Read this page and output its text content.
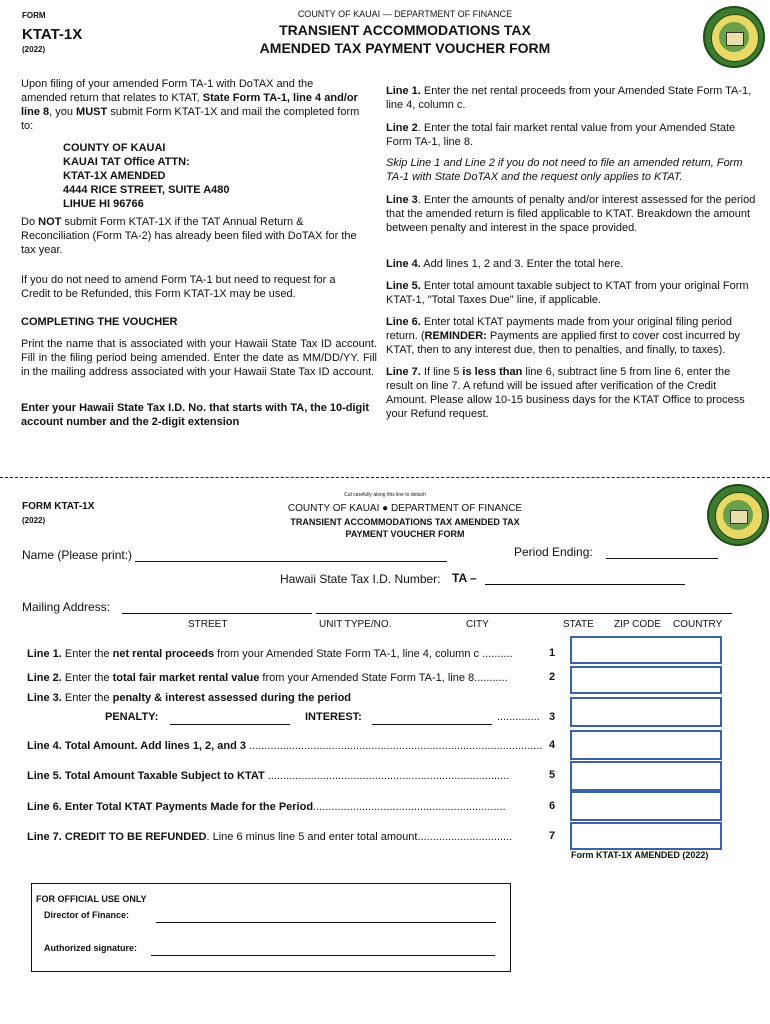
FORM
KTAT-1X
(2022)
COUNTY OF KAUAI — DEPARTMENT OF FINANCE
TRANSIENT ACCOMMODATIONS TAX
AMENDED TAX PAYMENT VOUCHER FORM
Upon filing of your amended Form TA-1 with DoTAX and the amended return that relates to KTAT, State Form TA-1, line 4 and/or line 8, you MUST submit Form KTAT-1X and mail the completed form to:
COUNTY OF KAUAI
KAUAI TAT Office ATTN:
KTAT-1X AMENDED
4444 RICE STREET, SUITE A480
LIHUE HI 96766
Do NOT submit Form KTAT-1X if the TAT Annual Return & Reconciliation (Form TA-2) has already been filed with DoTAX for the tax year.
If you do not need to amend Form TA-1 but need to request for a Credit to be Refunded, this Form KTAT-1X may be used.
COMPLETING THE VOUCHER
Print the name that is associated with your Hawaii State Tax ID account. Fill in the filing period being amended. Enter the date as MM/DD/YY. Fill in the mailing address associated with your Hawaii State Tax ID account.
Enter your Hawaii State Tax I.D. No. that starts with TA, the 10-digit account number and the 2-digit extension
Line 1. Enter the net rental proceeds from your Amended State Form TA-1, line 4, column c.
Line 2. Enter the total fair market rental value from your Amended State Form TA-1, line 8.
Skip Line 1 and Line 2 if you do not need to file an amended return, Form TA-1 with State DoTAX and the request only applies to KTAT.
Line 3. Enter the amounts of penalty and/or interest assessed for the period that the amended return is filed applicable to KTAT. Breakdown the amount between penalty and interest in the space provided.
Line 4. Add lines 1, 2 and 3. Enter the total here.
Line 5. Enter total amount taxable subject to KTAT from your original Form KTAT-1, "Total Taxes Due" line, if applicable.
Line 6. Enter total KTAT payments made from your original filing period return. (REMINDER: Payments are applied first to cover cost incurred by KTAT, then to any interest due, then to penalties, and finally, to taxes).
Line 7. If line 5 is less than line 6, subtract line 5 from line 6, enter the result on line 7. A refund will be issued after verification of the Credit Amount. Please allow 10-15 business days for the KTAT Office to process your Refund request.
Cut carefully along this line to detach
FORM KTAT-1X
(2022)
COUNTY OF KAUAI ● DEPARTMENT OF FINANCE
TRANSIENT ACCOMMODATIONS TAX AMENDED TAX
PAYMENT VOUCHER FORM
Name (Please print:)	Period Ending:
Hawaii State Tax I.D. Number: TA –
Mailing Address:
STREET	UNIT TYPE/NO.	CITY	STATE ZIP CODE COUNTRY
Line 1. Enter the net rental proceeds from your Amended State Form TA-1, line 4, column c ..........	1
Line 2. Enter the total fair market rental value from your Amended State Form TA-1, line 8...........	2
Line 3. Enter the penalty & interest assessed during the period
PENALTY:	INTEREST:	.............. 3
Line 4. Total Amount. Add lines 1, 2, and 3 ................................................................................................ 4
Line 5. Total Amount Taxable Subject to KTAT ...............................................................................	5
Line 6. Enter Total KTAT Payments Made for the Period...............................................................	6
Line 7. CREDIT TO BE REFUNDED. Line 6 minus line 5 and enter total amount...............................	7
Form KTAT-1X AMENDED (2022)
FOR OFFICIAL USE ONLY
Director of Finance:
Authorized signature:
